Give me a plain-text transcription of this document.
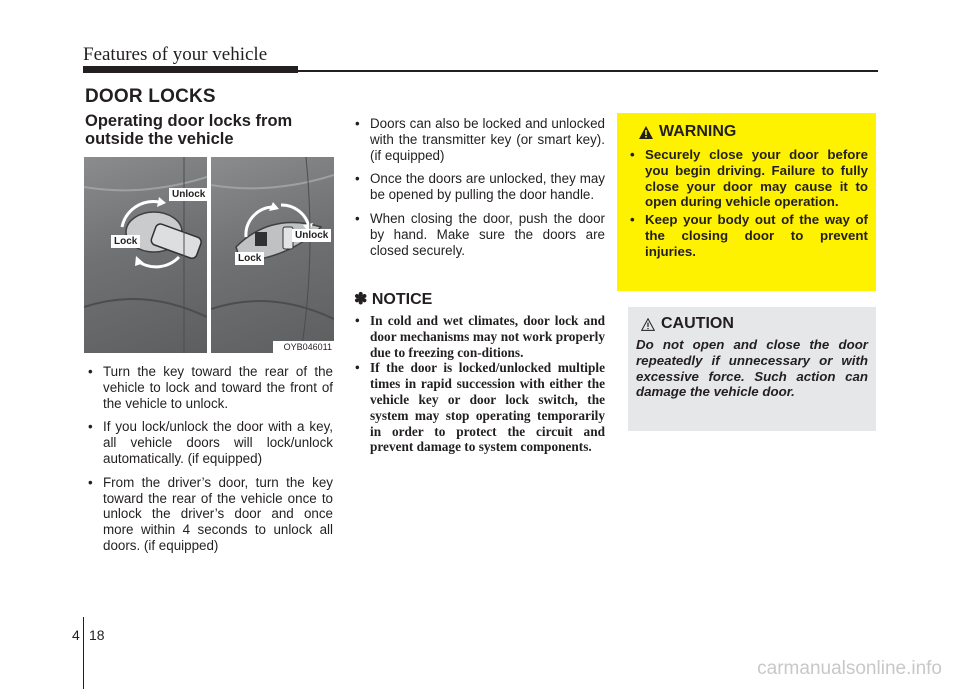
Features of your vehicle
DOOR LOCKS
Operating door locks from outside the vehicle
Unlock
Lock
Unlock
Lock
OYB046011
• Turn the key toward the rear of the vehicle to lock and toward the front of the vehicle to unlock.
• If you lock/unlock the door with a key, all vehicle doors will lock/unlock automatically. (if equipped)
• From the driver’s door, turn the key toward the rear of the vehicle once to unlock the driver’s door and once more within 4 seconds to unlock all doors. (if equipped)
• Doors can also be locked and unlocked with the transmitter key (or smart key). (if equipped)
• Once the doors are unlocked, they may be opened by pulling the door handle.
• When closing the door, push the door by hand. Make sure the doors are closed securely.
✽ NOTICE
• In cold and wet climates, door lock and door mechanisms may not work properly due to freezing con-ditions.
• If the door is locked/unlocked multiple times in rapid succession with either the vehicle key or door lock switch, the system may stop operating temporarily in order to protect the circuit and prevent damage to system components.
WARNING
• Securely close your door before you begin driving. Failure to fully close your door may cause it to open during vehicle operation.
• Keep your body out of the way of the closing door to prevent injuries.
CAUTION
Do not open and close the door repeatedly if unnecessary or with excessive force. Such action can damage the vehicle door.
4 18
carmanualsonline.info
